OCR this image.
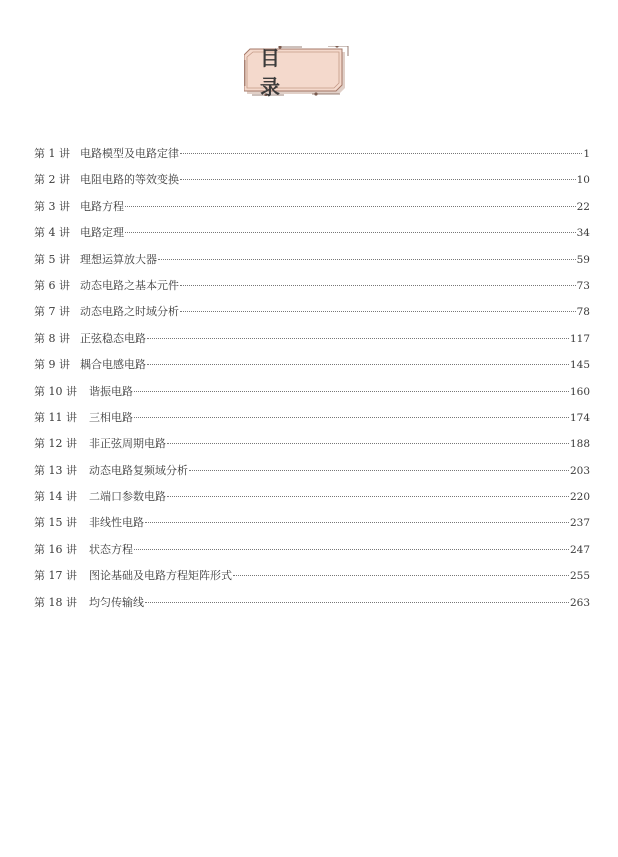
目 录
第 1 讲 电路模型及电路定律	1
第 2 讲 电阻电路的等效变换	10
第 3 讲 电路方程	22
第 4 讲 电路定理	34
第 5 讲 理想运算放大器	59
第 6 讲 动态电路之基本元件	73
第 7 讲 动态电路之时域分析	78
第 8 讲 正弦稳态电路	117
第 9 讲 耦合电感电路	145
第 10 讲 谐振电路	160
第 11 讲 三相电路	174
第 12 讲 非正弦周期电路	188
第 13 讲 动态电路复频域分析	203
第 14 讲 二端口参数电路	220
第 15 讲 非线性电路	237
第 16 讲 状态方程	247
第 17 讲 图论基础及电路方程矩阵形式	255
第 18 讲 均匀传输线	263
